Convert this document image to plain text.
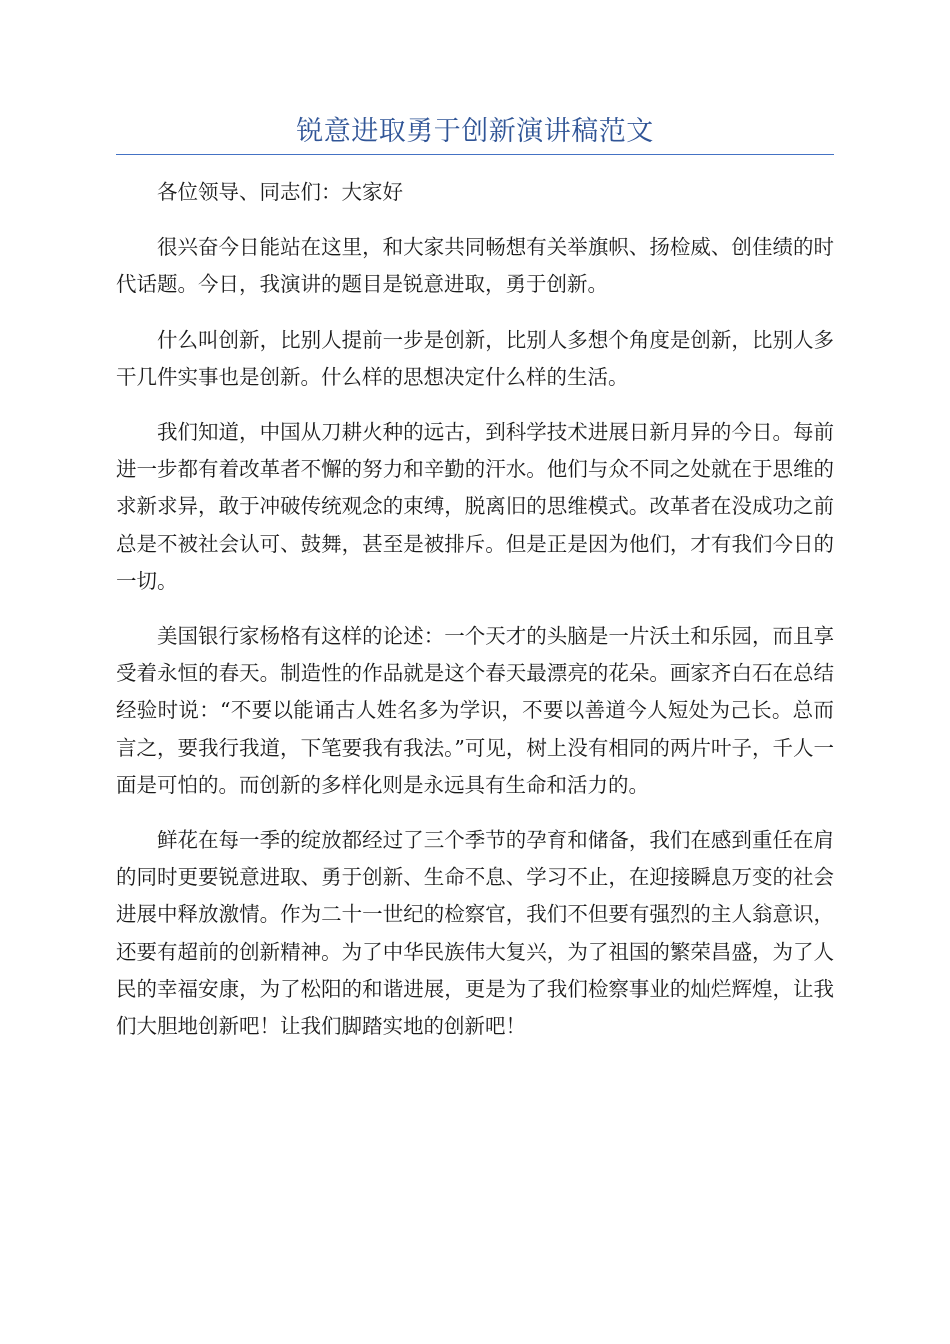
锐意进取勇于创新演讲稿范文

各位领导、同志们：大家好

很兴奋今日能站在这里，和大家共同畅想有关举旗帜、扬检威、创佳绩的时代话题。今日，我演讲的题目是锐意进取，勇于创新。

什么叫创新，比别人提前一步是创新，比别人多想个角度是创新，比别人多干几件实事也是创新。什么样的思想决定什么样的生活。

我们知道，中国从刀耕火种的远古，到科学技术进展日新月异的今日。每前进一步都有着改革者不懈的努力和辛勤的汗水。他们与众不同之处就在于思维的求新求异，敢于冲破传统观念的束缚，脱离旧的思维模式。改革者在没成功之前总是不被社会认可、鼓舞，甚至是被排斥。但是正是因为他们，才有我们今日的一切。

美国银行家杨格有这样的论述：一个天才的头脑是一片沃土和乐园，而且享受着永恒的春天。制造性的作品就是这个春天最漂亮的花朵。画家齐白石在总结经验时说：“不要以能诵古人姓名多为学识，不要以善道今人短处为己长。总而言之，要我行我道，下笔要我有我法。”可见，树上没有相同的两片叶子，千人一面是可怕的。而创新的多样化则是永远具有生命和活力的。

鲜花在每一季的绽放都经过了三个季节的孕育和储备，我们在感到重任在肩的同时更要锐意进取、勇于创新、生命不息、学习不止，在迎接瞬息万变的社会进展中释放激情。作为二十一世纪的检察官，我们不但要有强烈的主人翁意识，还要有超前的创新精神。为了中华民族伟大复兴，为了祖国的繁荣昌盛，为了人民的幸福安康，为了松阳的和谐进展，更是为了我们检察事业的灿烂辉煌，让我们大胆地创新吧！让我们脚踏实地的创新吧！
